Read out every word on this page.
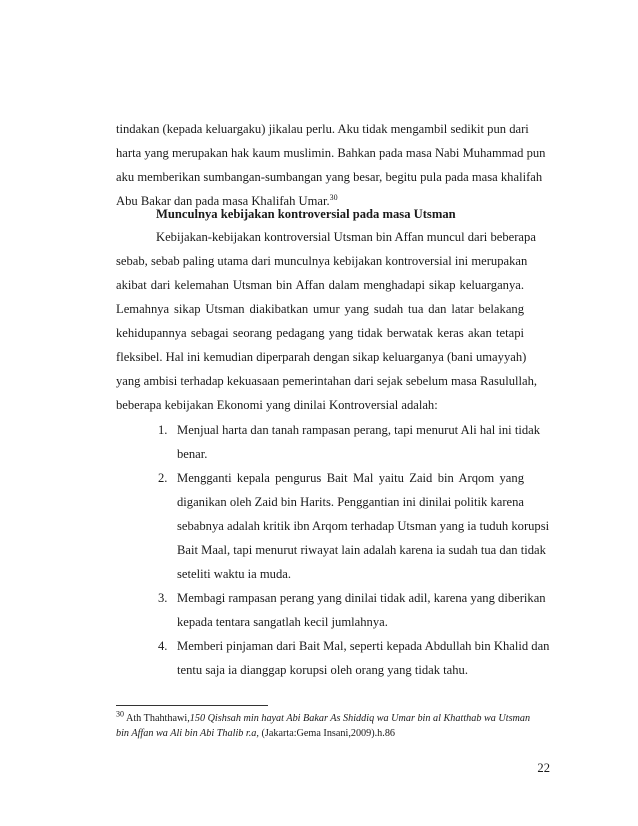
tindakan (kepada keluargaku) jikalau perlu. Aku tidak mengambil sedikit pun dari
harta yang merupakan hak kaum muslimin. Bahkan pada masa Nabi Muhammad pun
aku memberikan sumbangan-sumbangan yang besar, begitu pula pada masa khalifah
Abu Bakar dan pada masa Khalifah Umar.$^{30}$
Munculnya kebijakan kontroversial pada masa Utsman
Kebijakan-kebijakan kontroversial Utsman bin Affan muncul dari beberapa
sebab, sebab paling utama dari munculnya kebijakan kontroversial ini merupakan
akibat dari kelemahan Utsman bin Affan dalam menghadapi sikap keluarganya.
Lemahnya sikap Utsman diakibatkan umur yang sudah tua dan latar belakang
kehidupannya sebagai seorang pedagang yang tidak berwatak keras akan tetapi
fleksibel. Hal ini kemudian diperparah dengan sikap keluarganya (bani umayyah)
yang ambisi terhadap kekuasaan pemerintahan dari sejak sebelum masa Rasulullah,
beberapa kebijakan Ekonomi yang dinilai Kontroversial adalah:
1. Menjual harta dan tanah rampasan perang, tapi menurut Ali hal ini tidak
benar.
2. Mengganti kepala pengurus Bait Mal yaitu Zaid bin Arqom yang
diganikan oleh Zaid bin Harits. Penggantian ini dinilai politik karena
sebabnya adalah kritik ibn Arqom terhadap Utsman yang ia tuduh korupsi
Bait Maal, tapi menurut riwayat lain adalah karena ia sudah tua dan tidak
seteliti waktu ia muda.
3. Membagi rampasan perang yang dinilai tidak adil, karena yang diberikan
kepada tentara sangatlah kecil jumlahnya.
4. Memberi pinjaman dari Bait Mal, seperti kepada Abdullah bin Khalid dan
tentu saja ia dianggap korupsi oleh orang yang tidak tahu.
$^{30}$ Ath Thahthawi,150 Qishsah min hayat Abi Bakar As Shiddiq wa Umar bin al Khatthab wa Utsman
bin Affan wa Ali bin Abi Thalib r.a, (Jakarta:Gema Insani,2009).h.86
22
